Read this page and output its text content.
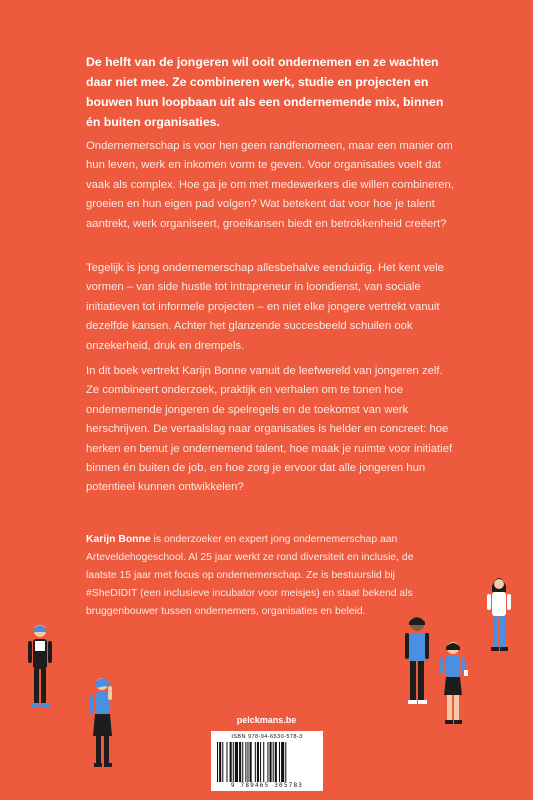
De helft van de jongeren wil ooit ondernemen en ze wachten daar niet mee. Ze combineren werk, studie en projecten en bouwen hun loopbaan uit als een ondernemende mix, binnen én buiten organisaties.

Ondernemerschap is voor hen geen randfenomeen, maar een manier om hun leven, werk en inkomen vorm te geven. Voor organisaties voelt dat vaak als complex. Hoe ga je om met medewerkers die willen combineren, groeien en hun eigen pad volgen? Wat betekent dat voor hoe je talent aantrekt, werk organiseert, groeikansen biedt en betrokkenheid creëert?

Tegelijk is jong ondernemerschap allesbehalve eenduidig. Het kent vele vormen – van side hustle tot intrapreneur in loondienst, van sociale initiatieven tot informele projecten – en niet elke jongere vertrekt vanuit dezelfde kansen. Achter het glanzende succesbeeld schuilen ook onzekerheid, druk en drempels.

In dit boek vertrekt Karijn Bonne vanuit de leefwereld van jongeren zelf. Ze combineert onderzoek, praktijk en verhalen om te tonen hoe ondernemende jongeren de spelregels en de toekomst van werk herschrijven. De vertaalslag naar organisaties is helder en concreet: hoe herken en benut je ondernemend talent, hoe maak je ruimte voor initiatief binnen én buiten de job, en hoe zorg je ervoor dat alle jongeren hun potentieel kunnen ontwikkelen?

Karijn Bonne is onderzoeker en expert jong ondernemerschap aan Arteveldehogeschool. Al 25 jaar werkt ze rond diversiteit en inclusie, de laatste 15 jaar met focus op ondernemerschap. Ze is bestuurslid bij #SheDIDIT (een inclusieve incubator voor meisjes) en staat bekend als bruggenbouwer tussen ondernemers, organisaties en beleid.

pelckmans.be
ISBN 978-94-6530-578-3
9 789465 305783
